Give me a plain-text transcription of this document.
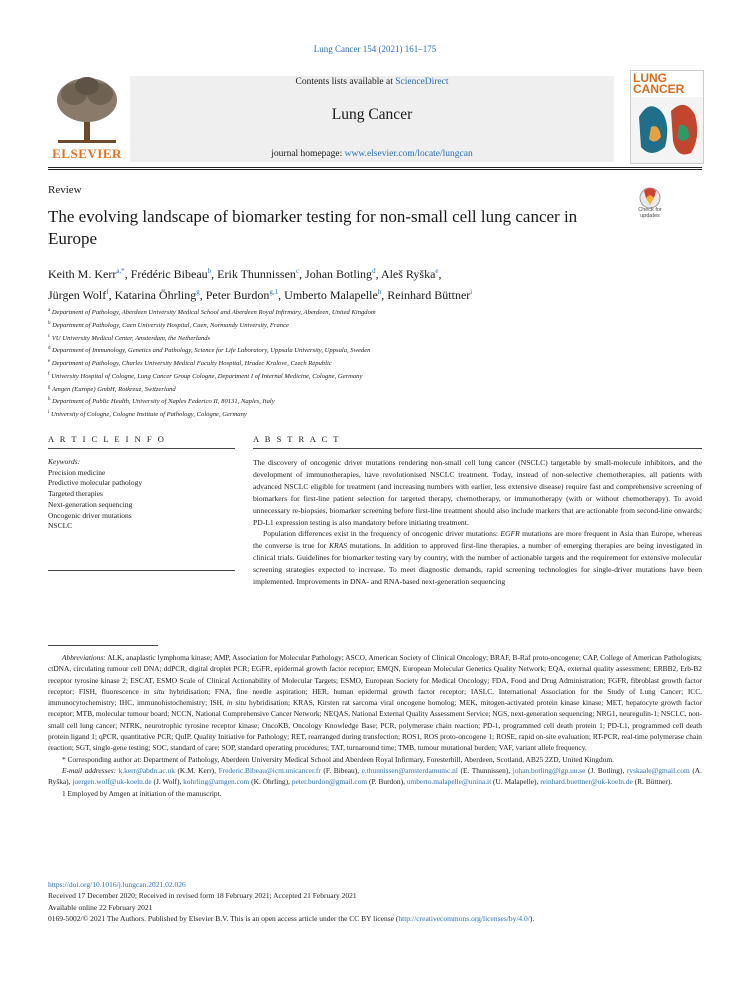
Lung Cancer 154 (2021) 161–175
ELSEVIER
Contents lists available at ScienceDirect
Lung Cancer
journal homepage: www.elsevier.com/locate/lungcan
LUNG CANCER
Review
Check for updates
The evolving landscape of biomarker testing for non-small cell lung cancer in Europe
Keith M. Kerr$^{a,*}$, Frédéric Bibeau$^b$, Erik Thunnissen$^c$, Johan Botling$^d$, Aleš Ryška$^e$,
Jürgen Wolf$^f$, Katarina Öhrling$^g$, Peter Burdon$^{g,1}$, Umberto Malapelle$^h$, Reinhard Büttner$^i$
$^a$ Department of Pathology, Aberdeen University Medical School and Aberdeen Royal Infirmary, Aberdeen, United Kingdom
$^b$ Department of Pathology, Caen University Hospital, Caen, Normandy University, France
$^c$ VU University Medical Center, Amsterdam, the Netherlands
$^d$ Department of Immunology, Genetics and Pathology, Science for Life Laboratory, Uppsala University, Uppsala, Sweden
$^e$ Department of Pathology, Charles University Medical Faculty Hospital, Hradec Kralove, Czech Republic
$^f$ University Hospital of Cologne, Lung Cancer Group Cologne, Department I of Internal Medicine, Cologne, Germany
$^g$ Amgen (Europe) GmbH, Rotkreuz, Switzerland
$^h$ Department of Public Health, University of Naples Federico II, 80131, Naples, Italy
$^i$ University of Cologne, Cologne Institute of Pathology, Cologne, Germany
A R T I C L E I N F O	A B S T R A C T
Keywords:
Precision medicine
Predictive molecular pathology
Targeted therapies
Next-generation sequencing
Oncogenic driver mutations
NSCLC

The discovery of oncogenic driver mutations rendering non-small cell lung cancer (NSCLC) targetable by small-molecule inhibitors, and the development of immunotherapies, have revolutionised NSCLC treatment. Today, instead of non-selective chemotherapies, all patients with advanced NSCLC eligible for treatment (and increasing numbers with earlier, less extensive disease) require fast and comprehensive screening of biomarkers for first-line patient selection for targeted therapy, chemotherapy, or immunotherapy (with or without chemotherapy). To avoid unnecessary re-biopsies, biomarker screening before first-line treatment should also include markers that are actionable from second-line onwards; PD-L1 expression testing is also mandatory before initiating treatment.

Population differences exist in the frequency of oncogenic driver mutations: EGFR mutations are more frequent in Asia than Europe, whereas the converse is true for KRAS mutations. In addition to approved first-line therapies, a number of emerging therapies are being investigated in clinical trials. Guidelines for biomarker testing vary by country, with the number of actionable targets and the requirement for extensive molecular screening strategies expected to increase. To meet diagnostic demands, rapid screening technologies for single-driver mutations have been implemented. Improvements in DNA- and RNA-based next-generation sequencing

Abbreviations: ALK, anaplastic lymphoma kinase; AMP, Association for Molecular Pathology; ASCO, American Society of Clinical Oncology; BRAF, B-Raf proto-oncogene; CAP, College of American Pathologists; ctDNA, circulating tumour cell DNA; ddPCR, digital droplet PCR; EGFR, epidermal growth factor receptor; EMQN, European Molecular Genetics Quality Network; EQA, external quality assessment; ERBB2, Erb-B2 receptor tyrosine kinase 2; ESCAT, ESMO Scale of Clinical Actionability of Molecular Targets; ESMO, European Society for Medical Oncology; FDA, Food and Drug Administration; FGFR, fibroblast growth factor receptor; FISH, fluorescence in situ hybridisation; FNA, fine needle aspiration; HER, human epidermal growth factor receptor; IASLC, International Association for the Study of Lung Cancer; ICC, immunocytochemistry; IHC, immunohistochemistry; ISH, in situ hybridisation; KRAS, Kirsten rat sarcoma viral oncogene homolog; MEK, mitogen-activated protein kinase kinase; MET, hepatocyte growth factor receptor; MTB, molecular tumour board; NCCN, National Comprehensive Cancer Network; NEQAS, National External Quality Assessment Service; NGS, next-generation sequencing; NRG1, neuregulin-1; NSCLC, non-small cell lung cancer; NTRK, neurotrophic tyrosine receptor kinase; OncoKB, Oncology Knowledge Base; PCR, polymerase chain reaction; PD-1, programmed cell death protein 1; PD-L1, programmed cell death protein ligand 1; qPCR, quantitative PCR; QuIP, Quality Initiative for Pathology; RET, rearranged during transfection; ROS1, ROS proto-oncogene 1; ROSE, rapid on-site evaluation; RT-PCR, real-time polymerase chain reaction; SGT, single-gene testing; SOC, standard of care; SOP, standard operating procedures; TAT, turnaround time; TMB, tumour mutational burden; VAF, variant allele frequency.

* Corresponding author at: Department of Pathology, Aberdeen University Medical School and Aberdeen Royal Infirmary, Foresterhill, Aberdeen, Scotland, AB25 2ZD, United Kingdom.

E-mail addresses: k.kerr@abdn.ac.uk (K.M. Kerr), Frederic.Bibeau@icm.unicancer.fr (F. Bibeau), e.thunnissen@amsterdamumc.nl (E. Thunnissen), johan.botling@igp.uu.se (J. Botling), ryskaale@gmail.com (A. Ryška), juergen.wolf@uk-koeln.de (J. Wolf), kohrling@amgen.com (K. Öhrling), peter.burdon@gmail.com (P. Burdon), umberto.malapelle@unina.it (U. Malapelle), reinhard.buettner@uk-koeln.de (R. Büttner).

1 Employed by Amgen at initiation of the manuscript.

https://doi.org/10.1016/j.lungcan.2021.02.026
Received 17 December 2020; Received in revised form 18 February 2021; Accepted 21 February 2021
Available online 22 February 2021
0169-5002/© 2021 The Authors. Published by Elsevier B.V. This is an open access article under the CC BY license (http://creativecommons.org/licenses/by/4.0/).
